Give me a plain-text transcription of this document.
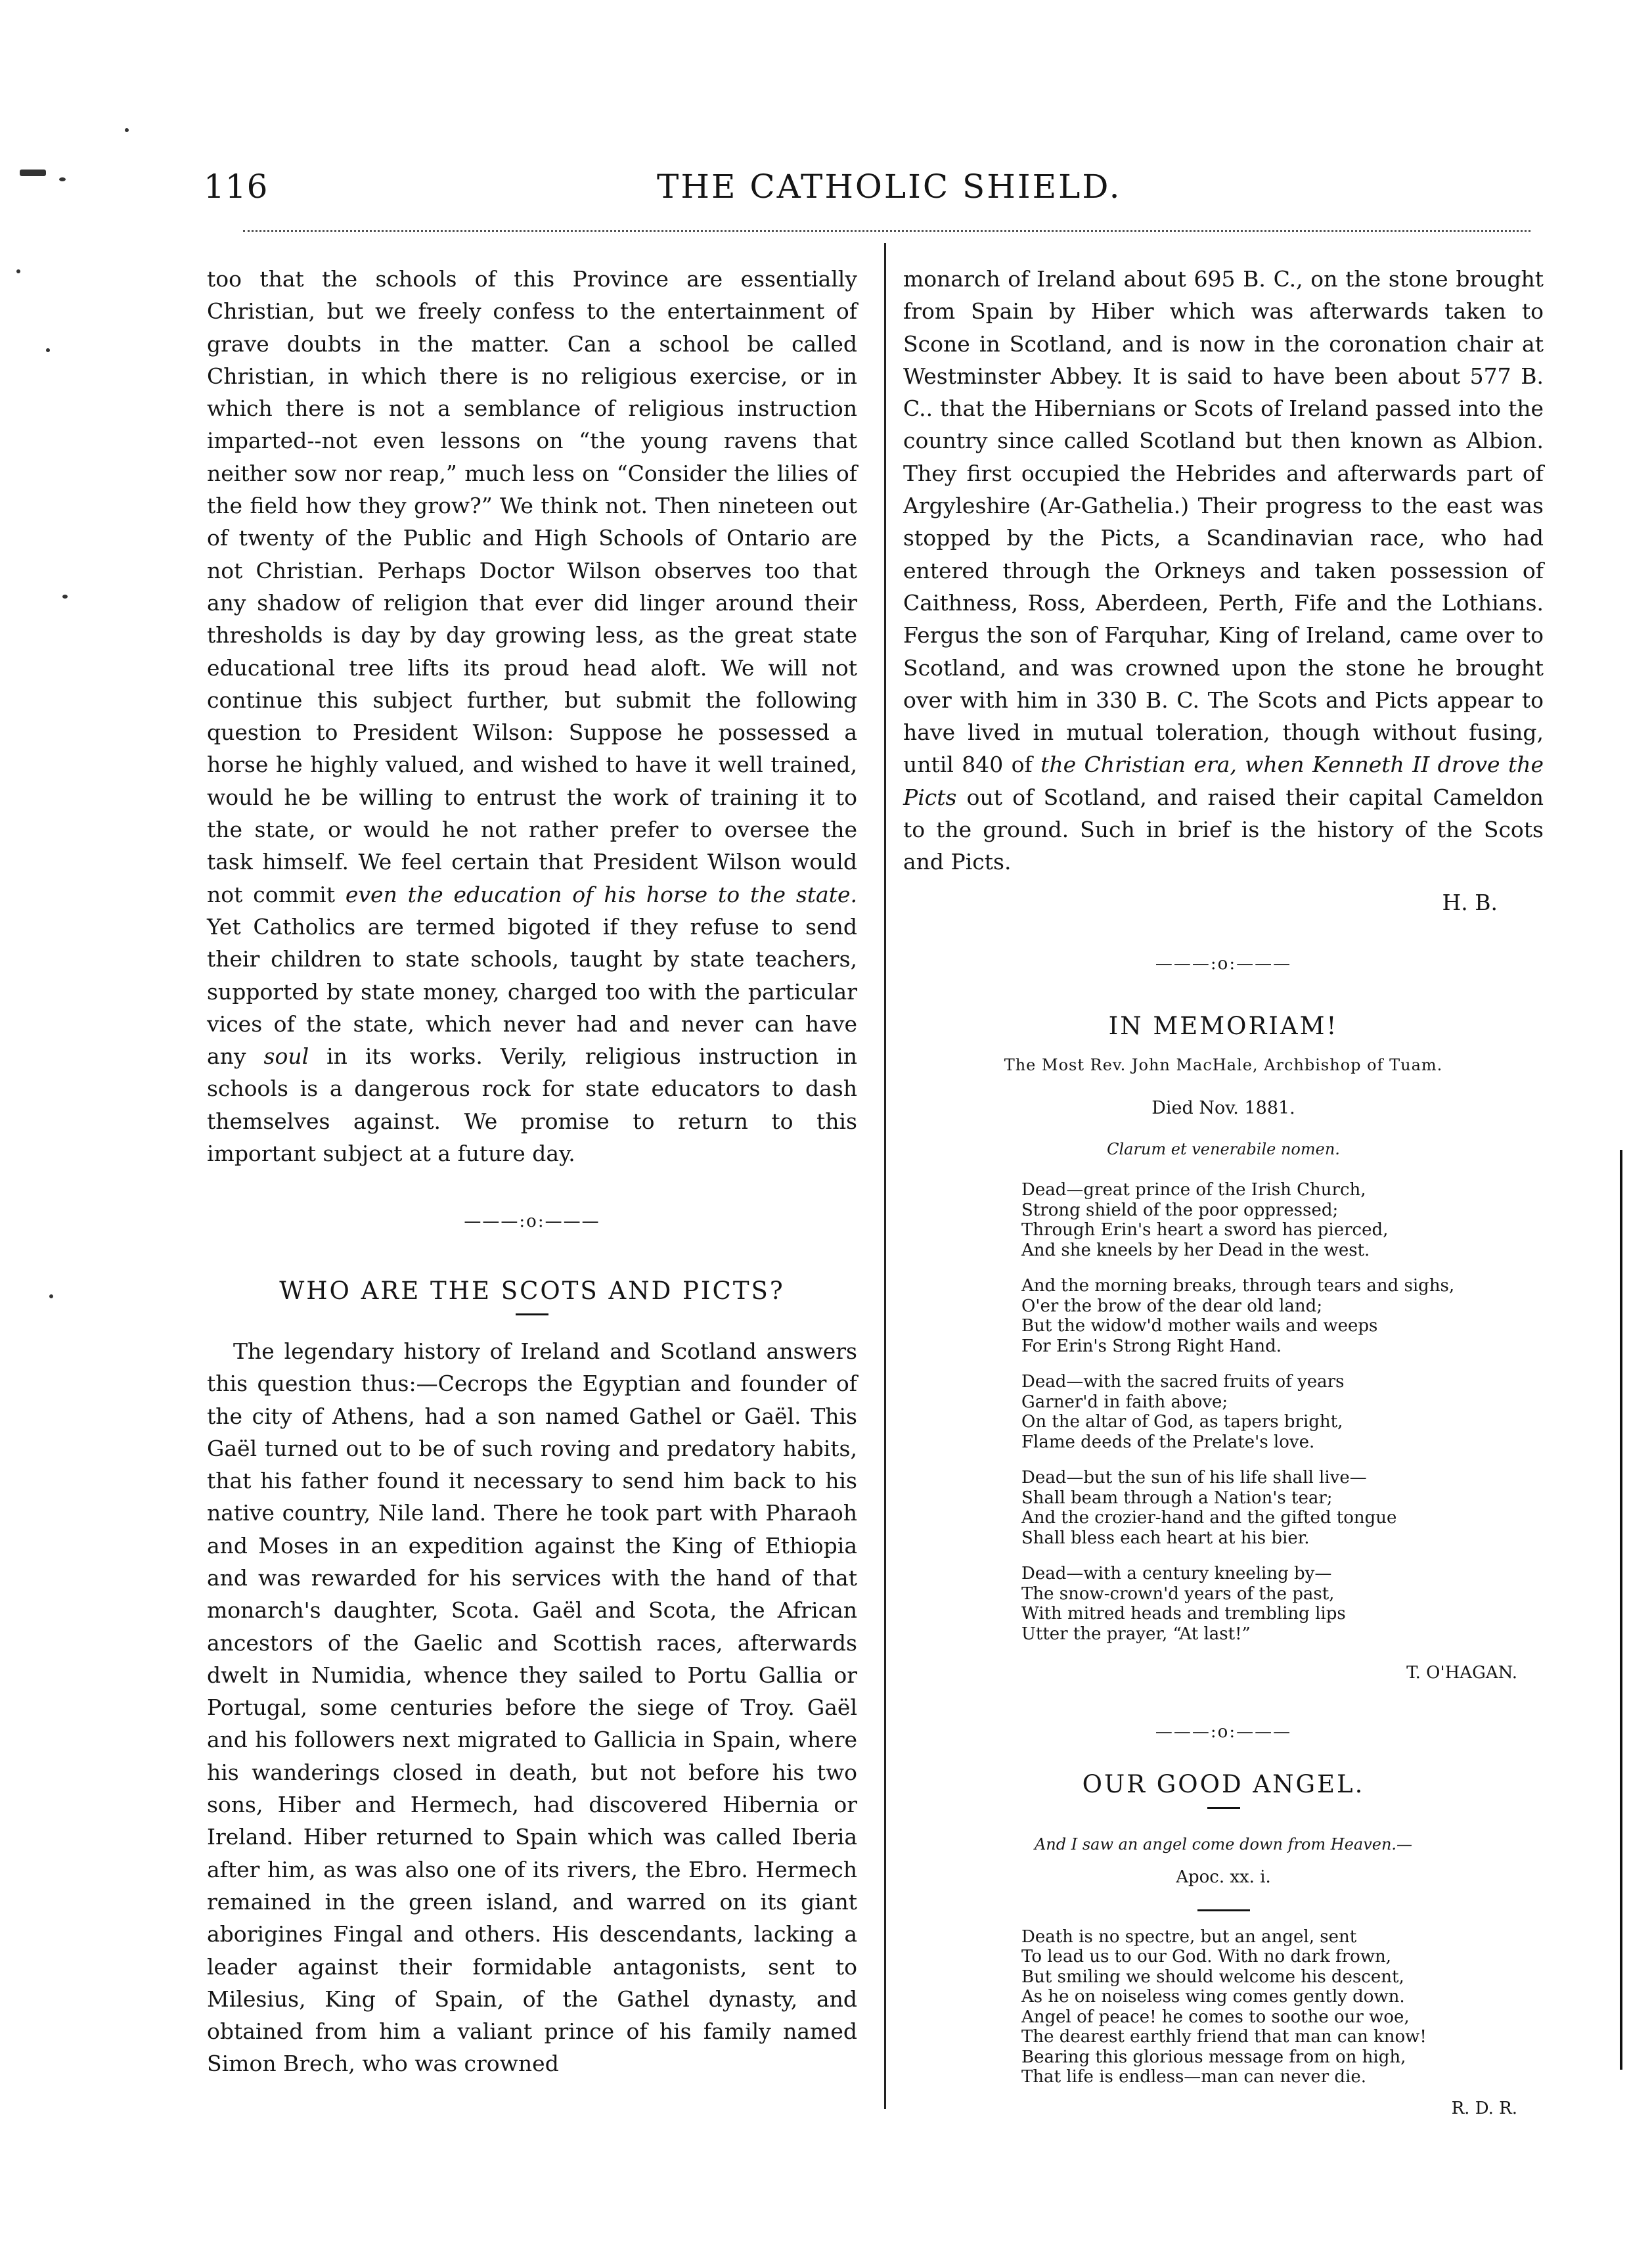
116	THE CATHOLIC SHIELD.

too that the schools of this Province are essentially Christian, but we freely confess to the entertainment of grave doubts in the matter. Can a school be called Christian, in which there is no religious exercise, or in which there is not a semblance of religious instruction imparted--not even lessons on “the young ravens that neither sow nor reap,” much less on “Consider the lilies of the field how they grow?” We think not. Then nineteen out of twenty of the Public and High Schools of Ontario are not Christian. Perhaps Doctor Wilson observes too that any shadow of religion that ever did linger around their thresholds is day by day growing less, as the great state educational tree lifts its proud head aloft. We will not continue this subject further, but submit the following question to President Wilson: Suppose he possessed a horse he highly valued, and wished to have it well trained, would he be willing to entrust the work of training it to the state, or would he not rather prefer to oversee the task himself. We feel certain that President Wilson would not commit even the education of his horse to the state. Yet Catholics are termed bigoted if they refuse to send their children to state schools, taught by state teachers, supported by state money, charged too with the particular vices of the state, which never had and never can have any soul in its works. Verily, religious instruction in schools is a dangerous rock for state educators to dash themselves against. We promise to return to this important subject at a future day.

———:o:———
WHO ARE THE SCOTS AND PICTS?

The legendary history of Ireland and Scotland answers this question thus:—Cecrops the Egyptian and founder of the city of Athens, had a son named Gathel or Gaël. This Gaël turned out to be of such roving and predatory habits, that his father found it necessary to send him back to his native country, Nile land. There he took part with Pharaoh and Moses in an expedition against the King of Ethiopia and was rewarded for his services with the hand of that monarch's daughter, Scota. Gaël and Scota, the African ancestors of the Gaelic and Scottish races, afterwards dwelt in Numidia, whence they sailed to Portu Gallia or Portugal, some centuries before the siege of Troy. Gaël and his followers next migrated to Gallicia in Spain, where his wanderings closed in death, but not before his two sons, Hiber and Hermech, had discovered Hibernia or Ireland. Hiber returned to Spain which was called Iberia after him, as was also one of its rivers, the Ebro. Hermech remained in the green island, and warred on its giant aborigines Fingal and others. His descendants, lacking a leader against their formidable antagonists, sent to Milesius, King of Spain, of the Gathel dynasty, and obtained from him a valiant prince of his family named Simon Brech, who was crowned

monarch of Ireland about 695 B. C., on the stone brought from Spain by Hiber which was afterwards taken to Scone in Scotland, and is now in the coronation chair at Westminster Abbey. It is said to have been about 577 B. C.. that the Hibernians or Scots of Ireland passed into the country since called Scotland but then known as Albion. They first occupied the Hebrides and afterwards part of Argyleshire (Ar-Gathelia.) Their progress to the east was stopped by the Picts, a Scandinavian race, who had entered through the Orkneys and taken possession of Caithness, Ross, Aberdeen, Perth, Fife and the Lothians. Fergus the son of Farquhar, King of Ireland, came over to Scotland, and was crowned upon the stone he brought over with him in 330 B. C. The Scots and Picts appear to have lived in mutual toleration, though without fusing, until 840 of the Christian era, when Kenneth II drove the Picts out of Scotland, and raised their capital Cameldon to the ground. Such in brief is the history of the Scots and Picts.

H. B.
———:o:———
IN MEMORIAM!
The Most Rev. John MacHale, Archbishop of Tuam.
Died Nov. 1881.
Clarum et venerabile nomen.
Dead—great prince of the Irish Church,
Strong shield of the poor oppressed;
Through Erin's heart a sword has pierced,
And she kneels by her Dead in the west.
And the morning breaks, through tears and sighs,
O'er the brow of the dear old land;
But the widow'd mother wails and weeps
For Erin's Strong Right Hand.
Dead—with the sacred fruits of years
Garner'd in faith above;
On the altar of God, as tapers bright,
Flame deeds of the Prelate's love.
Dead—but the sun of his life shall live—
Shall beam through a Nation's tear;
And the crozier-hand and the gifted tongue
Shall bless each heart at his bier.
Dead—with a century kneeling by—
The snow-crown'd years of the past,
With mitred heads and trembling lips
Utter the prayer, “At last!”
T. O'HAGAN.
———:o:———
OUR GOOD ANGEL.
And I saw an angel come down from Heaven.—
Apoc. xx. i.
Death is no spectre, but an angel, sent
To lead us to our God. With no dark frown,
But smiling we should welcome his descent,
As he on noiseless wing comes gently down.
Angel of peace! he comes to soothe our woe,
The dearest earthly friend that man can know!
Bearing this glorious message from on high,
That life is endless—man can never die.
R. D. R.
